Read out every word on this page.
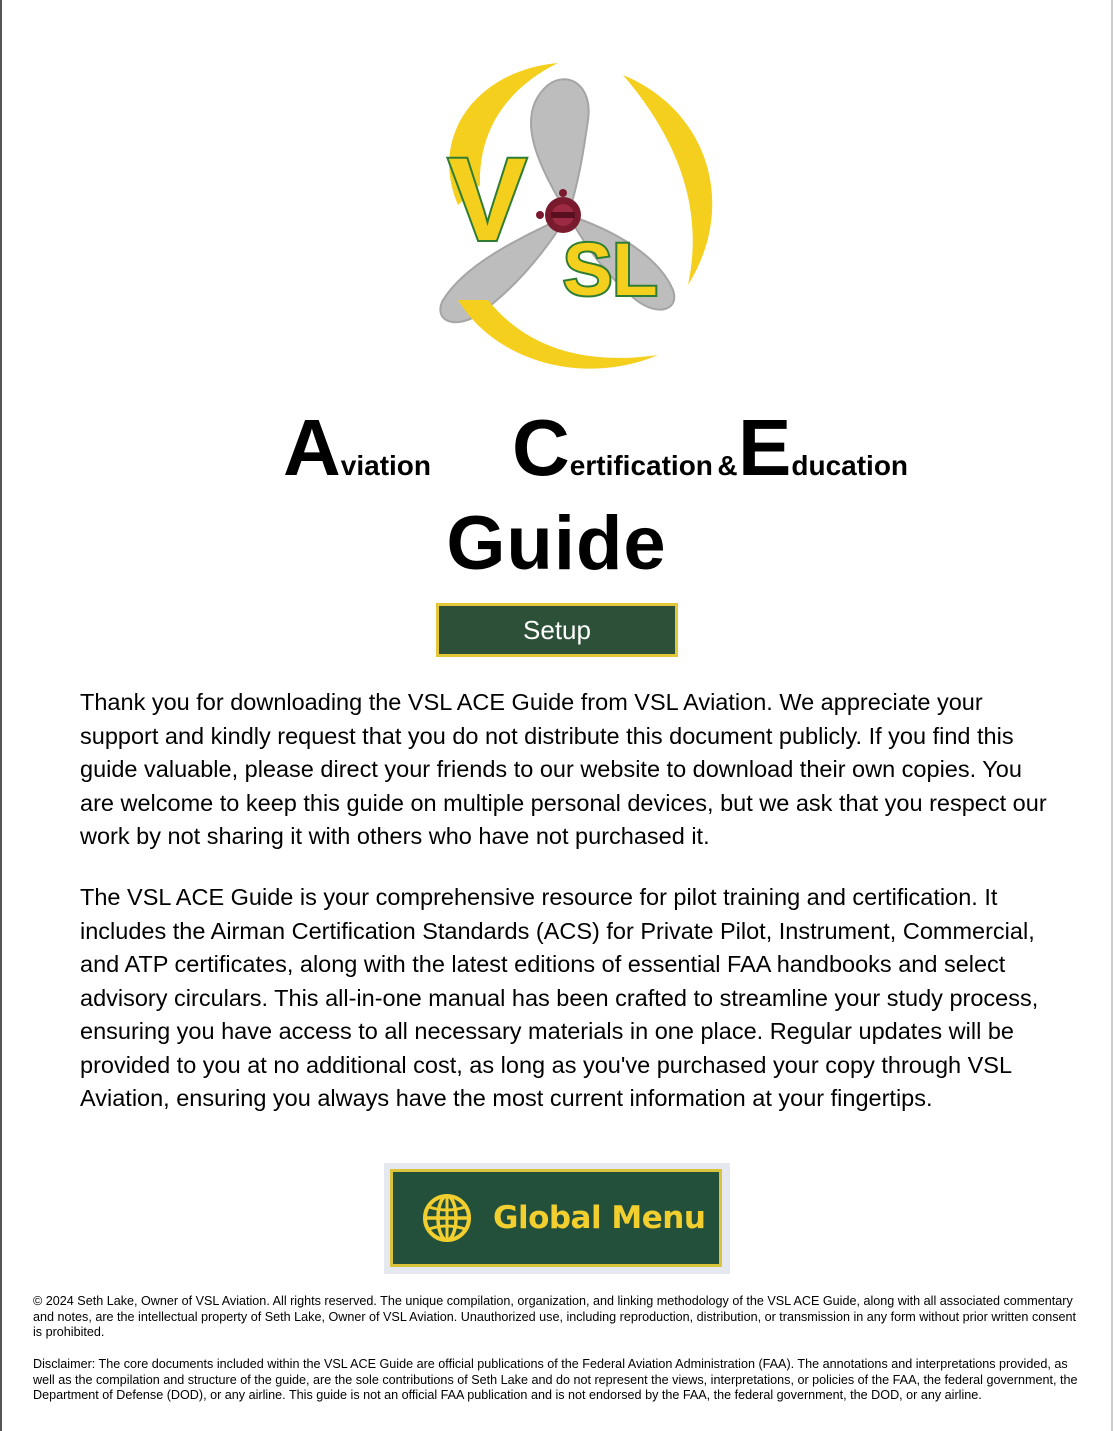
V
SL
Aviation Certification & Education
Guide
Setup

Thank you for downloading the VSL ACE Guide from VSL Aviation. We appreciate your support and kindly request that you do not distribute this document publicly. If you find this guide valuable, please direct your friends to our website to download their own copies. You are welcome to keep this guide on multiple personal devices, but we ask that you respect our work by not sharing it with others who have not purchased it.

The VSL ACE Guide is your comprehensive resource for pilot training and certification. It includes the Airman Certification Standards (ACS) for Private Pilot, Instrument, Commercial, and ATP certificates, along with the latest editions of essential FAA handbooks and select advisory circulars. This all-in-one manual has been crafted to streamline your study process, ensuring you have access to all necessary materials in one place. Regular updates will be provided to you at no additional cost, as long as you've purchased your copy through VSL Aviation, ensuring you always have the most current information at your fingertips.

Global Menu

© 2024 Seth Lake, Owner of VSL Aviation. All rights reserved. The unique compilation, organization, and linking methodology of the VSL ACE Guide, along with all associated commentary and notes, are the intellectual property of Seth Lake, Owner of VSL Aviation. Unauthorized use, including reproduction, distribution, or transmission in any form without prior written consent is prohibited.

Disclaimer: The core documents included within the VSL ACE Guide are official publications of the Federal Aviation Administration (FAA). The annotations and interpretations provided, as well as the compilation and structure of the guide, are the sole contributions of Seth Lake and do not represent the views, interpretations, or policies of the FAA, the federal government, the Department of Defense (DOD), or any airline. This guide is not an official FAA publication and is not endorsed by the FAA, the federal government, the DOD, or any airline.
